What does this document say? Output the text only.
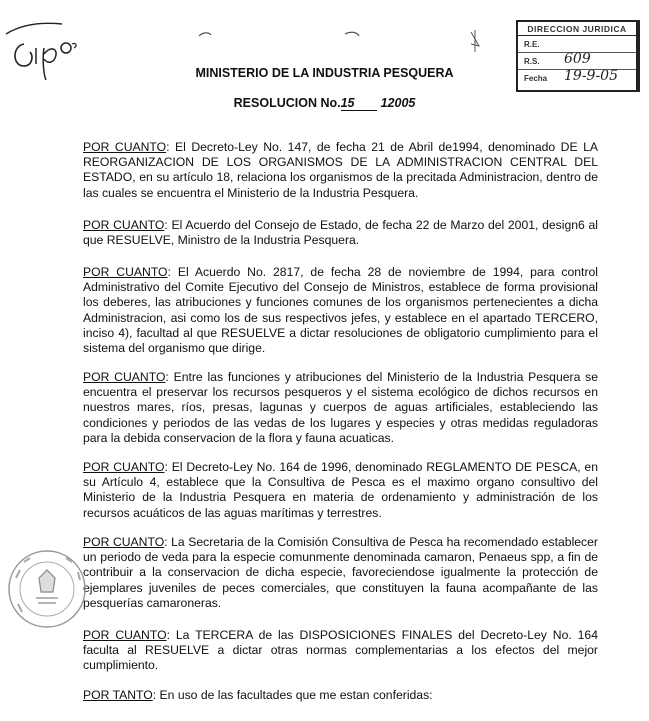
DIRECCION JURIDICA
R.E.
R.S. 609
Fecha 19-9-05
MINISTERIO DE LA INDUSTRIA PESQUERA
RESOLUCION No.15 12005
POR CUANTO: El Decreto-Ley No. 147, de fecha 21 de Abril de1994, denominado DE LA REORGANIZACION DE LOS ORGANISMOS DE LA ADMINISTRACION CENTRAL DEL ESTADO, en su artículo 18, relaciona los organismos de la precitada Administracion, dentro de las cuales se encuentra el Ministerio de la Industria Pesquera.
POR CUANTO: El Acuerdo del Consejo de Estado, de fecha 22 de Marzo del 2001, design6 al que RESUELVE, Ministro de la Industria Pesquera.
POR CUANTO: El Acuerdo No. 2817, de fecha 28 de noviembre de 1994, para control Administrativo del Comite Ejecutivo del Consejo de Ministros, establece de forma provisional los deberes, las atribuciones y funciones comunes de los organismos pertenecientes a dicha Administracion, asi como los de sus respectivos jefes, y establece en el apartado TERCERO, inciso 4), facultad al que RESUELVE a dictar resoluciones de obligatorio cumplimiento para el sistema del organismo que dirige.
POR CUANTO: Entre las funciones y atribuciones del Ministerio de la Industria Pesquera se encuentra el preservar los recursos pesqueros y el sistema ecológico de dichos recursos en nuestros mares, ríos, presas, lagunas y cuerpos de aguas artificiales, estableciendo las condiciones y periodos de las vedas de los lugares y especies y otras medidas reguladoras para la debida conservacion de la flora y fauna acuaticas.
POR CUANTO: El Decreto-Ley No. 164 de 1996, denominado REGLAMENTO DE PESCA, en su Artículo 4, establece que la Consultiva de Pesca es el maximo organo consultivo del Ministerio de la Industria Pesquera en materia de ordenamiento y administración de los recursos acuáticos de las aguas marítimas y terrestres.
POR CUANTO: La Secretaria de la Comisión Consultiva de Pesca ha recomendado establecer un periodo de veda para la especie comunmente denominada camaron, Penaeus spp, a fin de contribuir a la conservacion de dicha especie, favoreciendose igualmente la protección de ejemplares juveniles de peces comerciales, que constituyen la fauna acompañante de las pesquerías camaroneras.
POR CUANTO: La TERCERA de las DISPOSICIONES FINALES del Decreto-Ley No. 164 faculta al RESUELVE a dictar otras normas complementarias a los efectos del mejor cumplimiento.
POR TANTO: En uso de las facultades que me estan conferidas:
